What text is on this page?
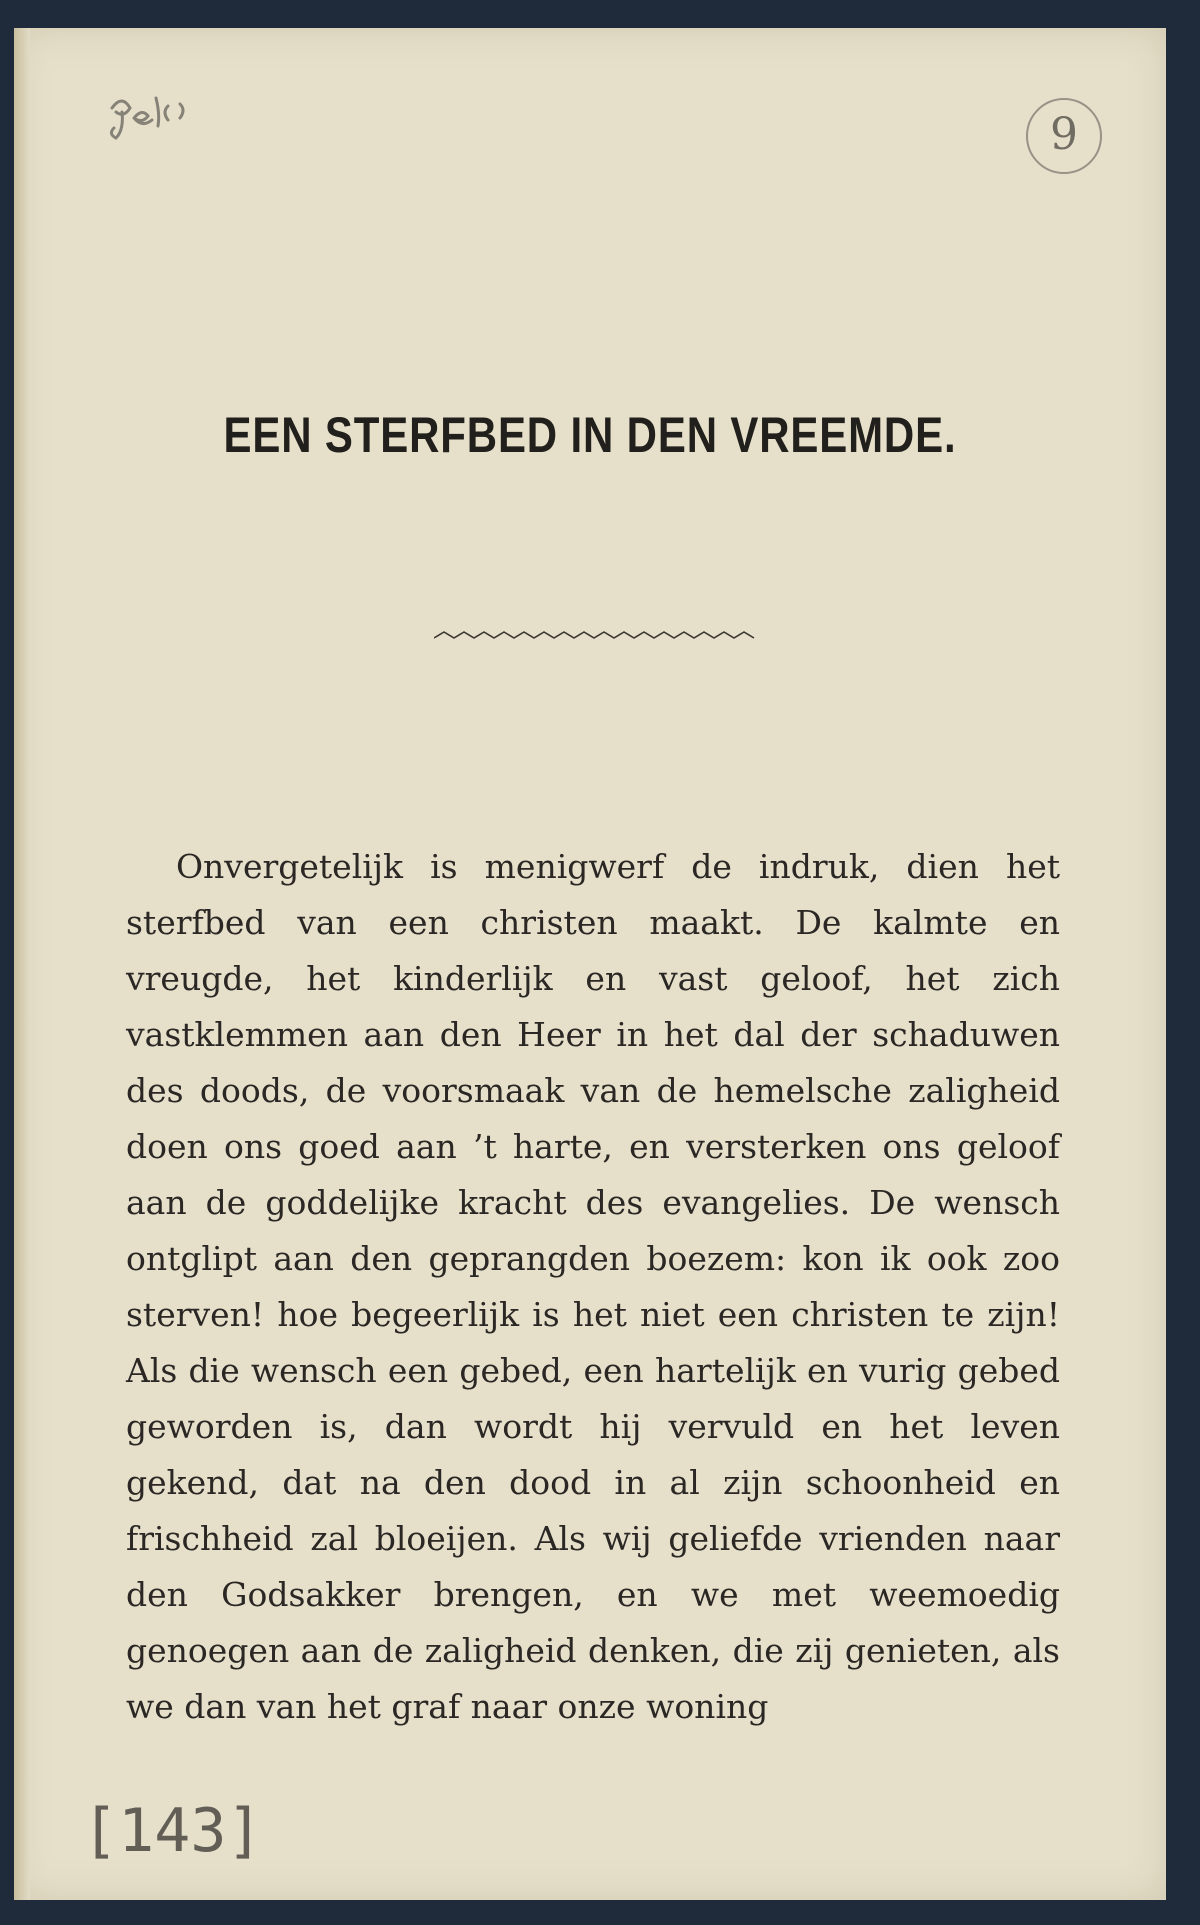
9
EEN STERFBED IN DEN VREEMDE.

Onvergetelijk is menigwerf de indruk, dien het sterfbed van een christen maakt. De kalmte en vreugde, het kinderlijk en vast geloof, het zich vastklemmen aan den Heer in het dal der schaduwen des doods, de voorsmaak van de hemelsche zaligheid doen ons goed aan ’t harte, en versterken ons geloof aan de goddelijke kracht des evangelies. De wensch ontglipt aan den geprangden boezem: kon ik ook zoo sterven! hoe begeerlijk is het niet een christen te zijn! Als die wensch een gebed, een hartelijk en vurig gebed geworden is, dan wordt hij vervuld en het leven gekend, dat na den dood in al zijn schoonheid en frischheid zal bloeijen. Als wij geliefde vrienden naar den Godsakker brengen, en we met weemoedig genoegen aan de zaligheid denken, die zij genieten, als we dan van het graf naar onze woning

[143]
